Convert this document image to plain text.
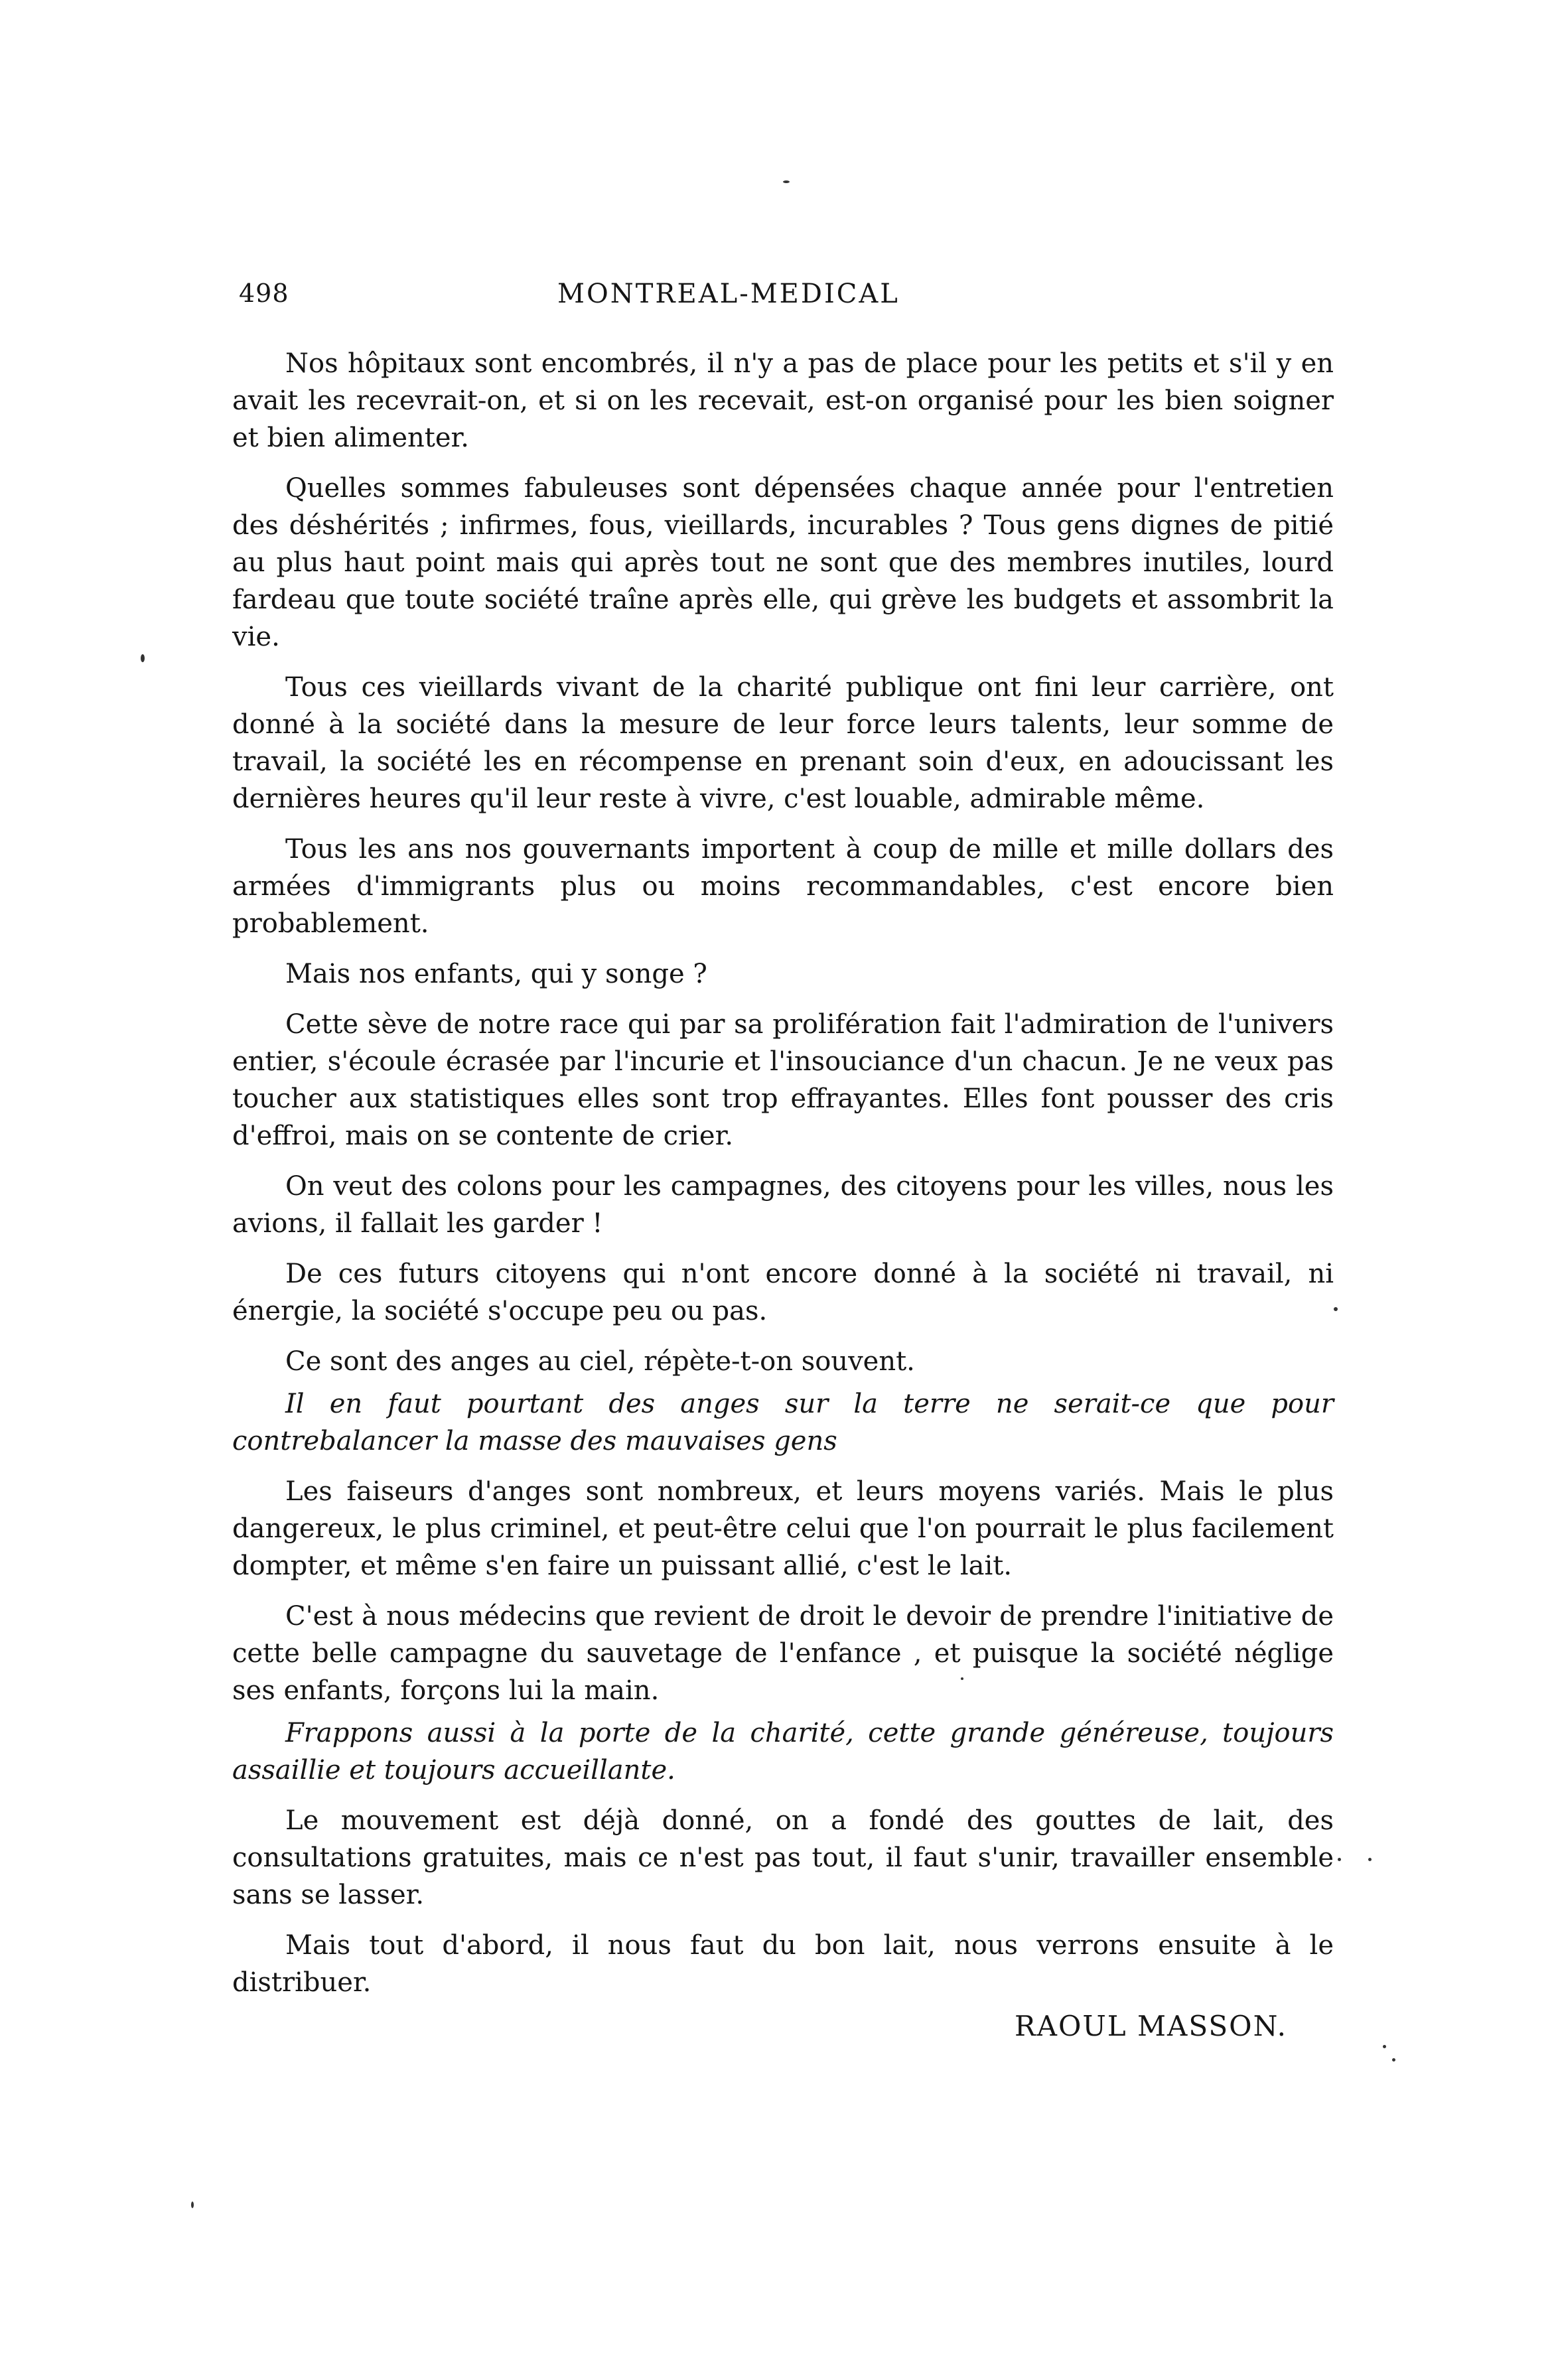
498	MONTREAL-MEDICAL

Nos hôpitaux sont encombrés, il n'y a pas de place pour les petits et s'il y en avait les recevrait-on, et si on les recevait, est-on organisé pour les bien soigner et bien alimenter.

Quelles sommes fabuleuses sont dépensées chaque année pour l'entretien des déshérités ; infirmes, fous, vieillards, incurables ? Tous gens dignes de pitié au plus haut point mais qui après tout ne sont que des membres inutiles, lourd fardeau que toute société traîne après elle, qui grève les budgets et assombrit la vie.

Tous ces vieillards vivant de la charité publique ont fini leur carrière, ont donné à la société dans la mesure de leur force leurs talents, leur somme de travail, la société les en récompense en prenant soin d'eux, en adoucissant les dernières heures qu'il leur reste à vivre, c'est louable, admirable même.

Tous les ans nos gouvernants importent à coup de mille et mille dollars des armées d'immigrants plus ou moins recommandables, c'est encore bien probablement.

Mais nos enfants, qui y songe ?

Cette sève de notre race qui par sa prolifération fait l'admiration de l'univers entier, s'écoule écrasée par l'incurie et l'insouciance d'un chacun. Je ne veux pas toucher aux statistiques elles sont trop effrayantes. Elles font pousser des cris d'effroi, mais on se contente de crier.

On veut des colons pour les campagnes, des citoyens pour les villes, nous les avions, il fallait les garder !

De ces futurs citoyens qui n'ont encore donné à la société ni travail, ni énergie, la société s'occupe peu ou pas.

Ce sont des anges au ciel, répète-t-on souvent.

Il en faut pourtant des anges sur la terre ne serait-ce que pour contrebalancer la masse des mauvaises gens

Les faiseurs d'anges sont nombreux, et leurs moyens variés. Mais le plus dangereux, le plus criminel, et peut-être celui que l'on pourrait le plus facilement dompter, et même s'en faire un puissant allié, c'est le lait.

C'est à nous médecins que revient de droit le devoir de prendre l'initiative de cette belle campagne du sauvetage de l'enfance , et puisque la société néglige ses enfants, forçons lui la main.

Frappons aussi à la porte de la charité, cette grande généreuse, toujours assaillie et toujours accueillante.

Le mouvement est déjà donné, on a fondé des gouttes de lait, des consultations gratuites, mais ce n'est pas tout, il faut s'unir, travailler ensemble sans se lasser.

Mais tout d'abord, il nous faut du bon lait, nous verrons ensuite à le distribuer.

RAOUL MASSON.
